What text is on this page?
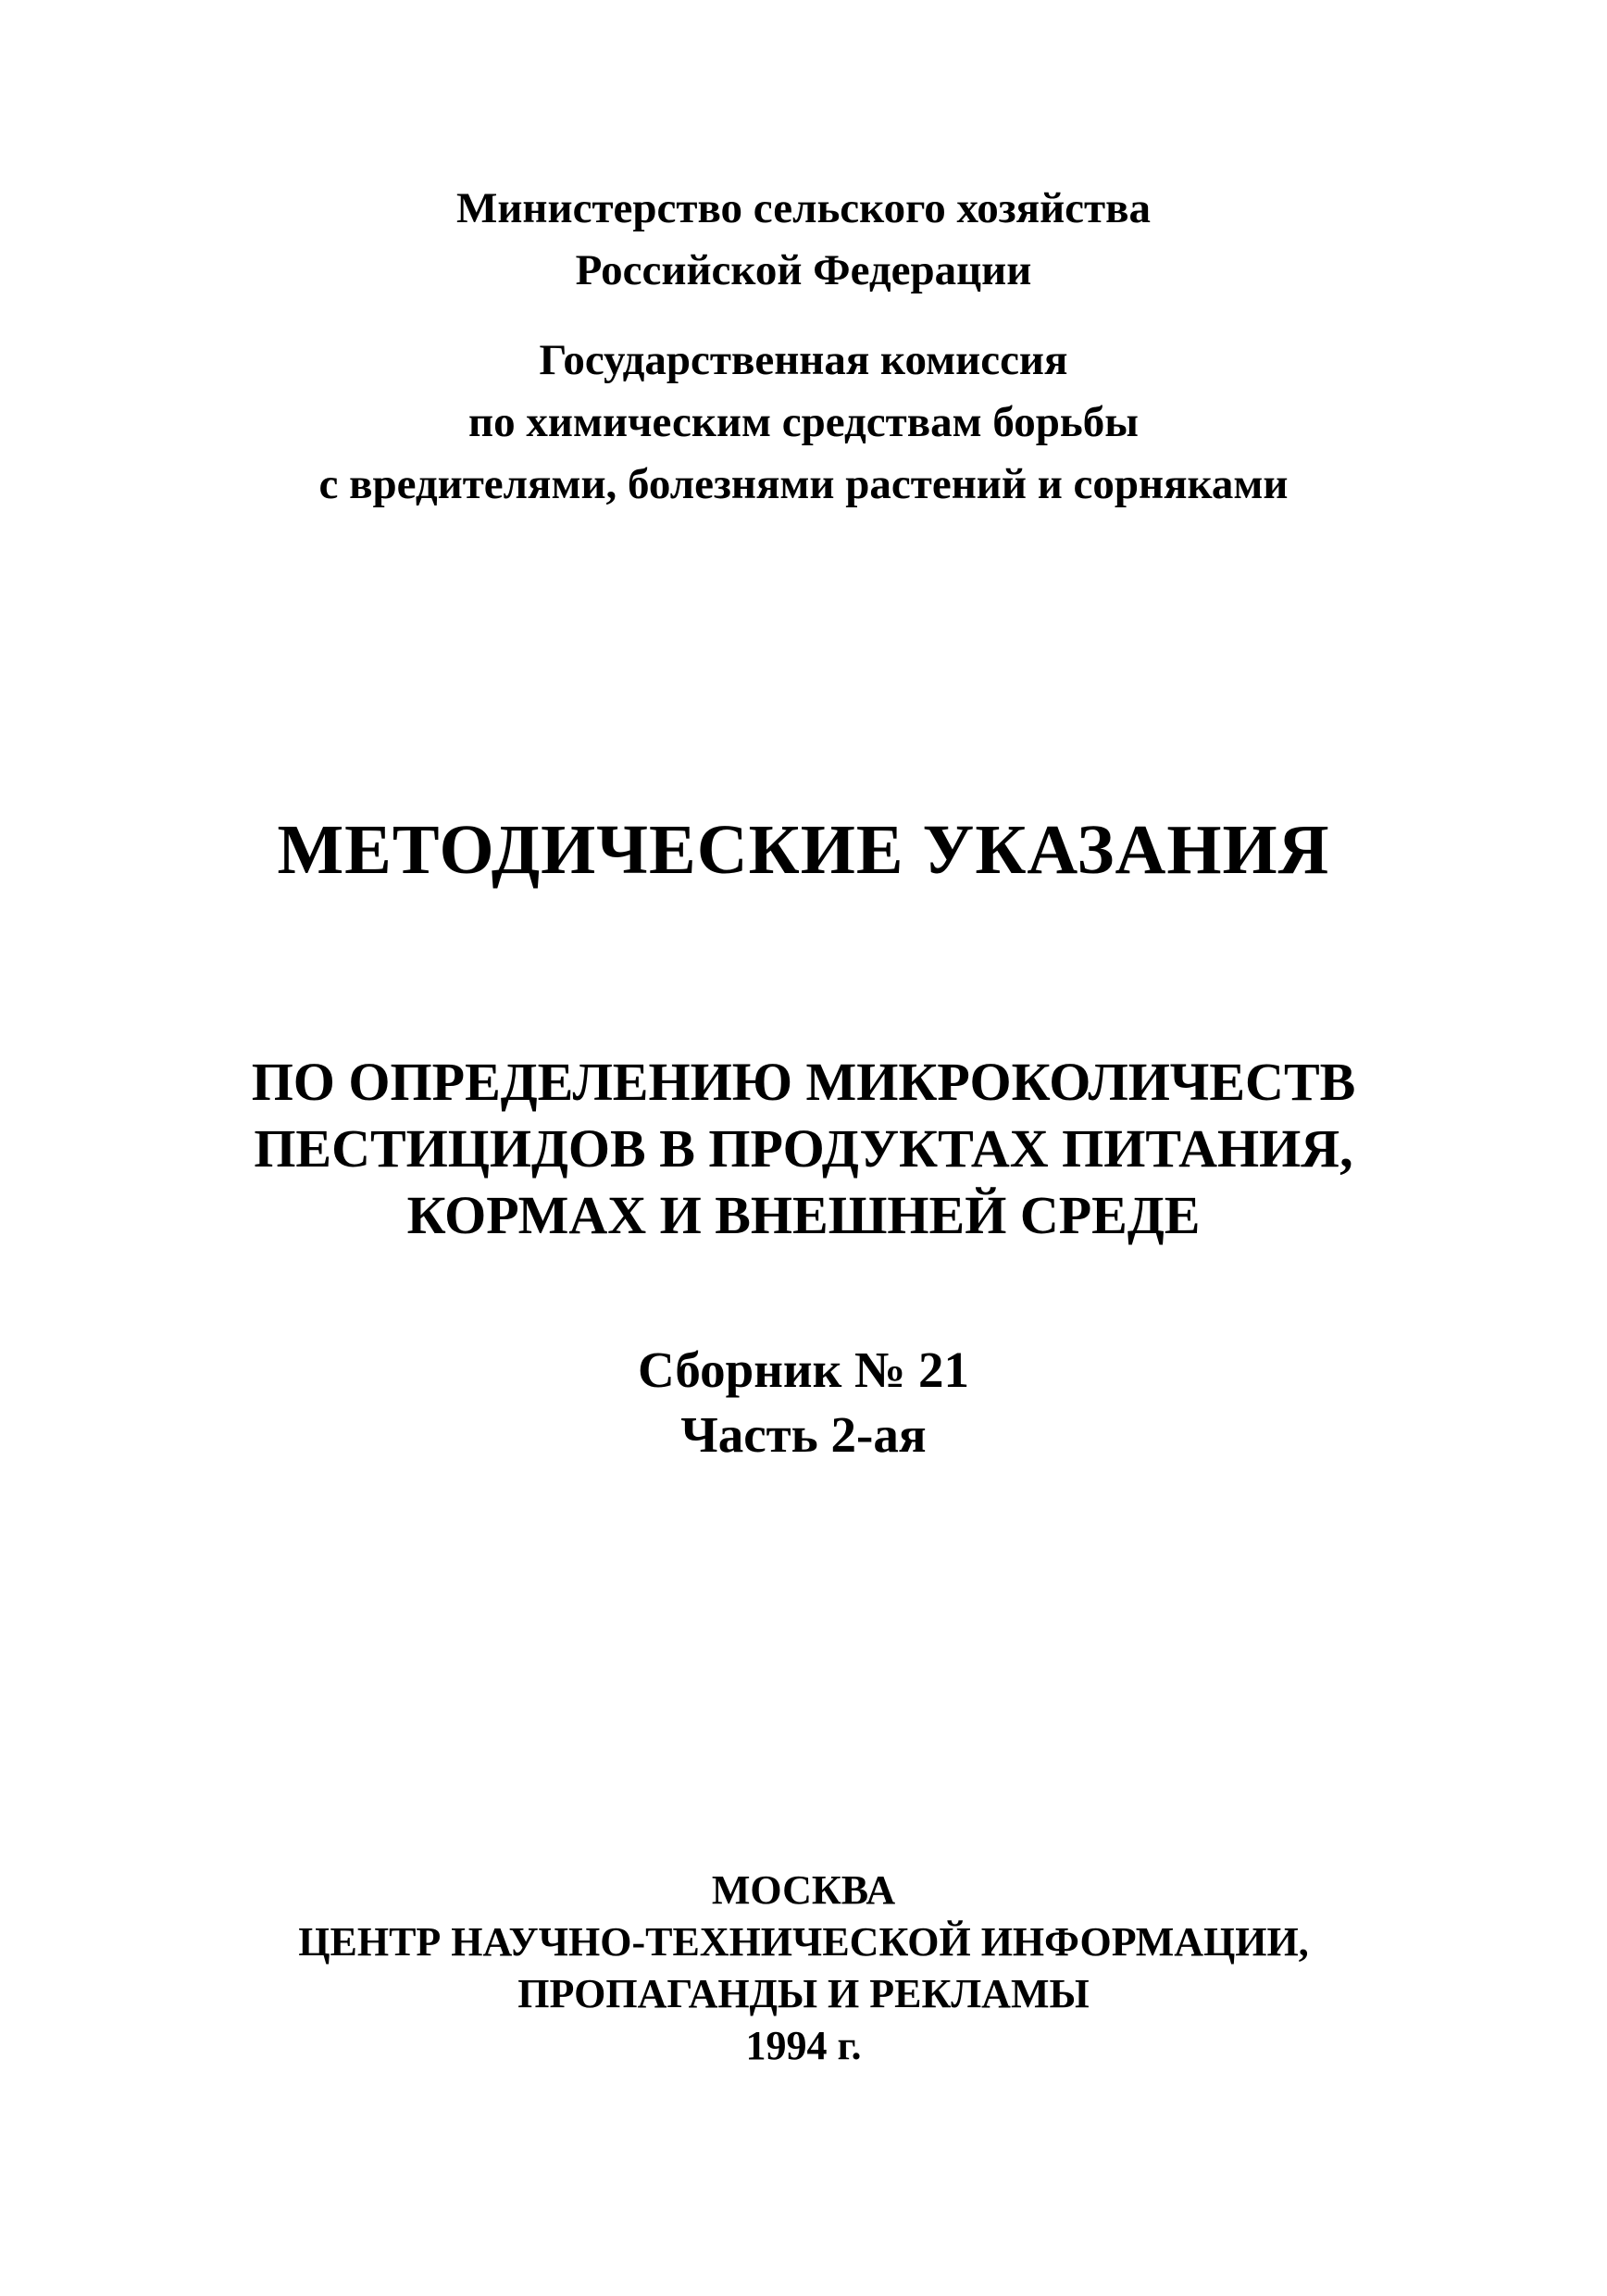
Министерство сельского хозяйства
Российской Федерации
Государственная комиссия
по химическим средствам борьбы
с вредителями, болезнями растений и сорняками
МЕТОДИЧЕСКИЕ УКАЗАНИЯ
ПО ОПРЕДЕЛЕНИЮ МИКРОКОЛИЧЕСТВ
ПЕСТИЦИДОВ В ПРОДУКТАХ ПИТАНИЯ,
КОРМАХ И ВНЕШНЕЙ СРЕДЕ
Сборник № 21
Часть 2-ая
МОСКВА
ЦЕНТР НАУЧНО-ТЕХНИЧЕСКОЙ ИНФОРМАЦИИ,
ПРОПАГАНДЫ И РЕКЛАМЫ
1994 г.
